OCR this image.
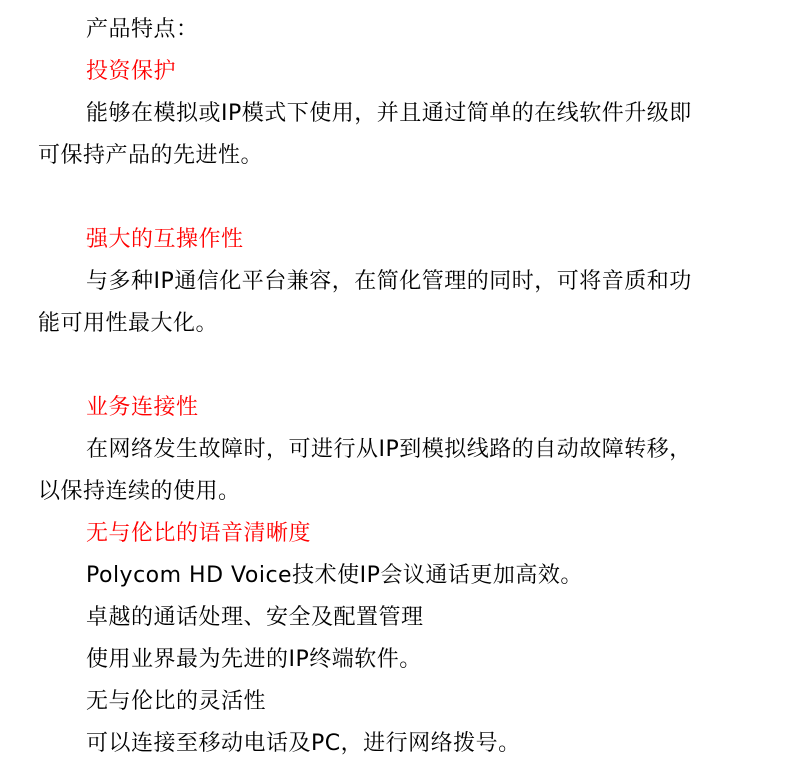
产品特点：
投资保护
能够在模拟或IP模式下使用，并且通过简单的在线软件升级即
可保持产品的先进性。
强大的互操作性
与多种IP通信化平台兼容，在简化管理的同时，可将音质和功
能可用性最大化。
业务连接性
在网络发生故障时，可进行从IP到模拟线路的自动故障转移，
以保持连续的使用。
无与伦比的语音清晰度
Polycom HD Voice技术使IP会议通话更加高效。
卓越的通话处理、安全及配置管理
使用业界最为先进的IP终端软件。
无与伦比的灵活性
可以连接至移动电话及PC，进行网络拨号。
